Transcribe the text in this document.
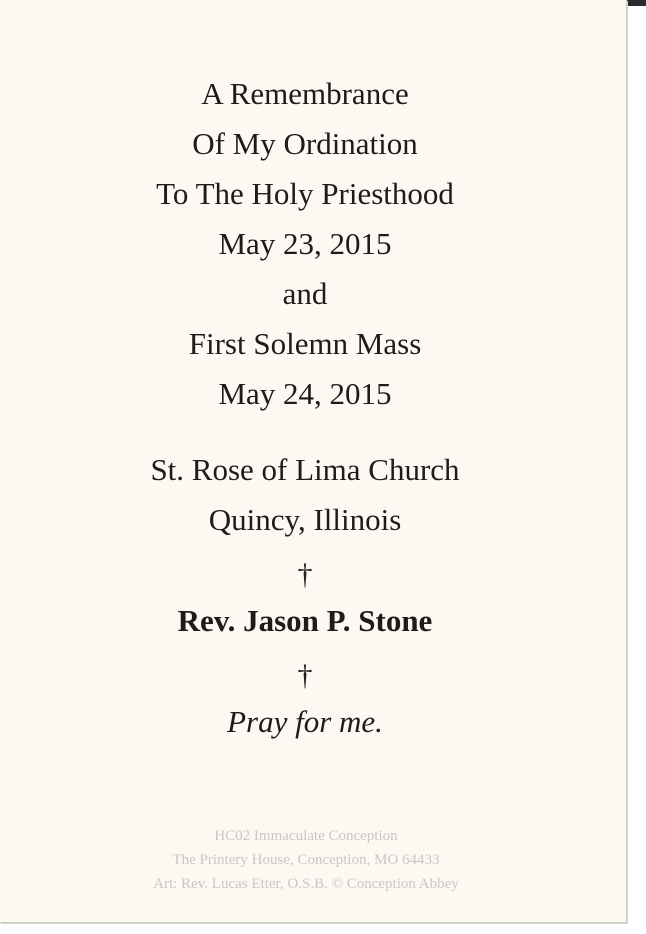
A Remembrance
Of My Ordination
To The Holy Priesthood
May 23, 2015
and
First Solemn Mass
May 24, 2015
St. Rose of Lima Church
Quincy, Illinois
†
Rev. Jason P. Stone
†
Pray for me.
HC02 Immaculate Conception
The Printery House, Conception, MO 64433
Art: Rev. Lucas Etter, O.S.B. © Conception Abbey
